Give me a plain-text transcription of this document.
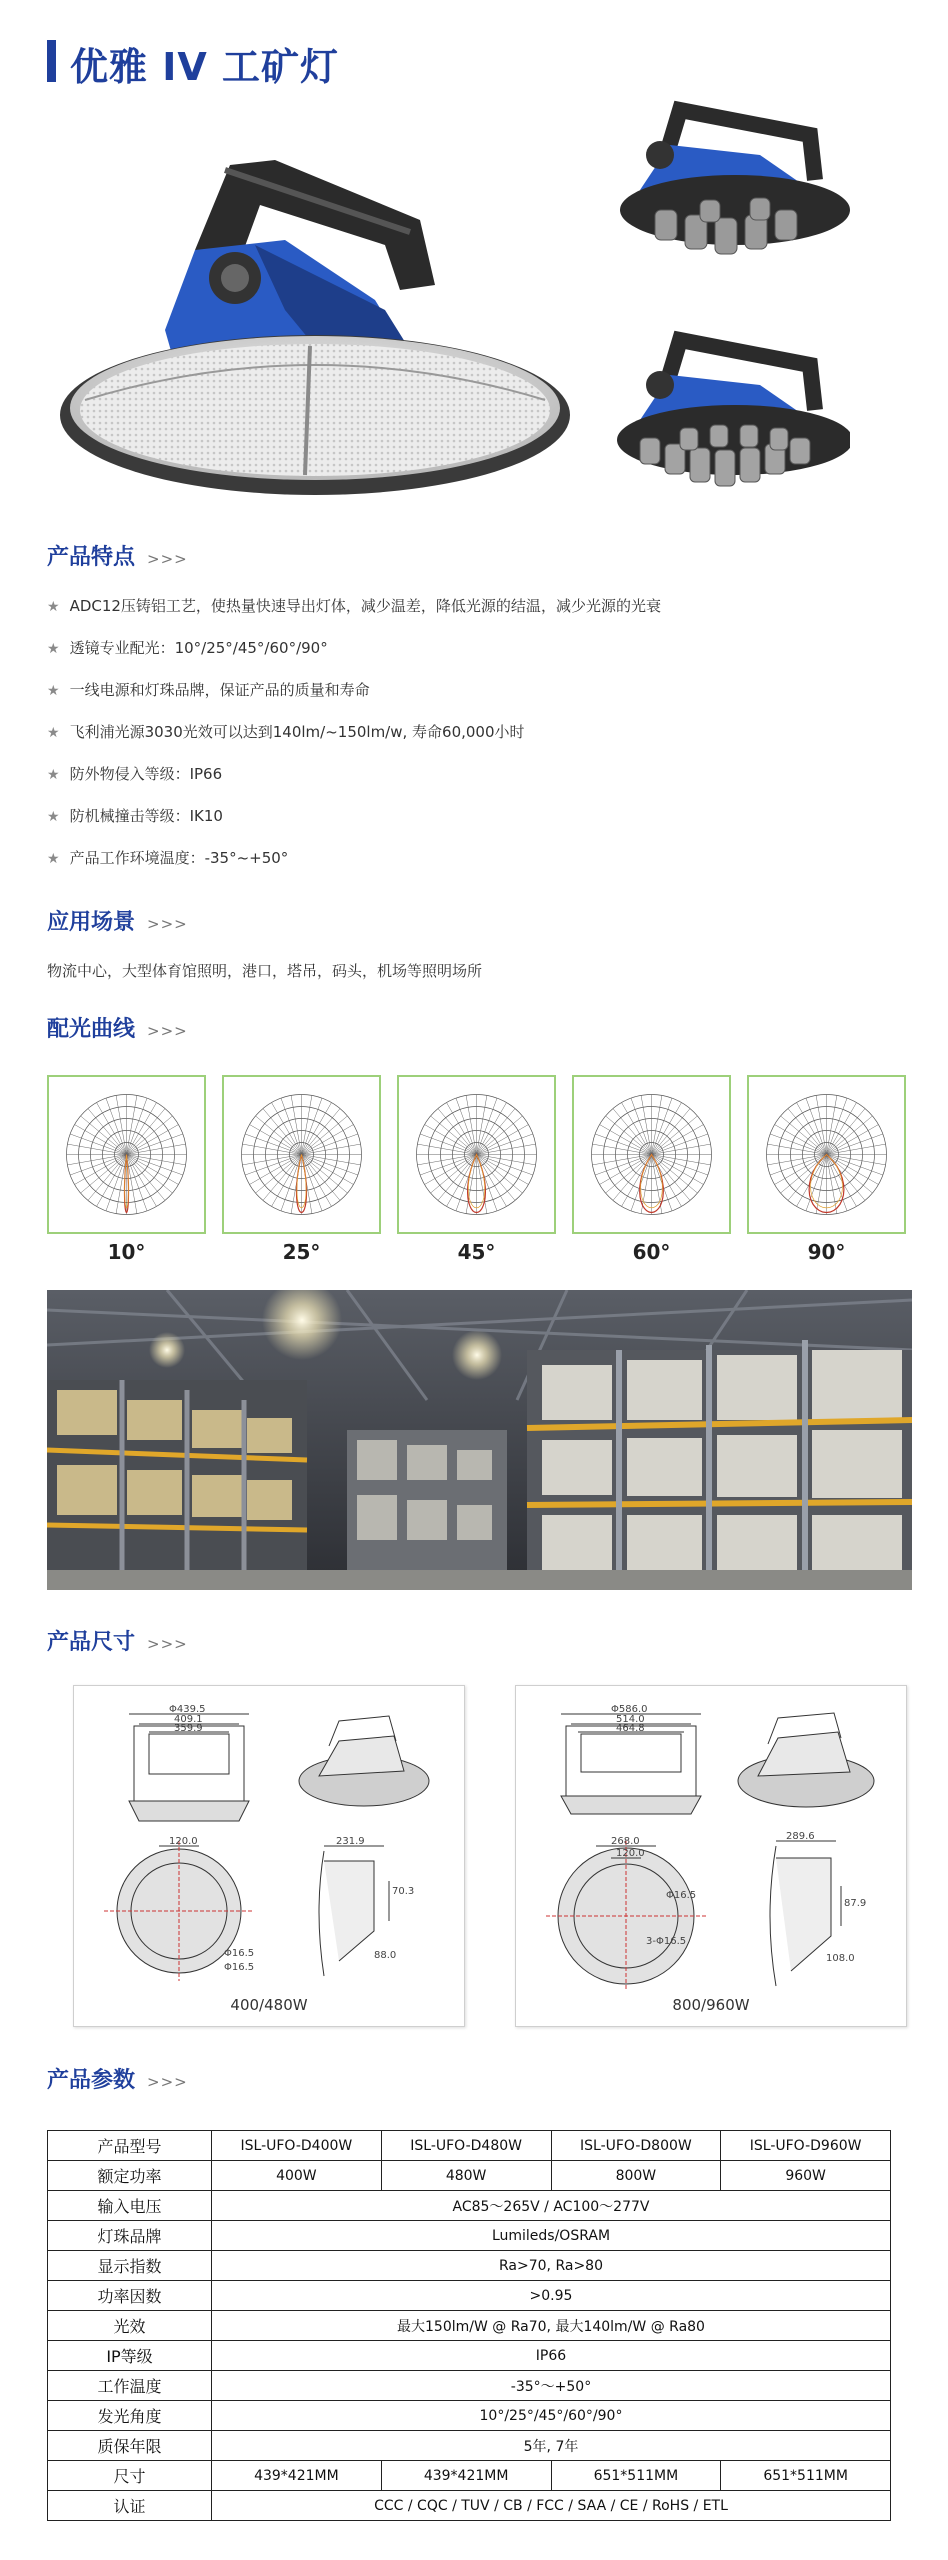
优雅 IV 工矿灯
产品特点 >>>
★ ADC12压铸铝工艺，使热量快速导出灯体，减少温差，降低光源的结温，减少光源的光衰
★ 透镜专业配光：10°/25°/45°/60°/90°
★ 一线电源和灯珠品牌，保证产品的质量和寿命
★ 飞利浦光源3030光效可以达到140lm/~150lm/w, 寿命60,000小时
★ 防外物侵入等级：IP66
★ 防机械撞击等级：IK10
★ 产品工作环境温度：-35°~+50°
应用场景 >>>
物流中心，大型体育馆照明，港口，塔吊，码头，机场等照明场所
配光曲线 >>>
10°	25°	45°	60°	90°
产品尺寸 >>>
Φ439.5
409.1
359.9
120.0
Φ16.5
Φ16.5
231.9
70.3
88.0
400/480W
Φ586.0
514.0
464.8
268.0
120.0
Φ16.5
3-Φ16.5
289.6
87.9
108.0
800/960W
产品参数 >>>
产品型号	ISL-UFO-D400W	ISL-UFO-D480W	ISL-UFO-D800W	ISL-UFO-D960W
额定功率	400W	480W	800W	960W
输入电压	AC85～265V / AC100～277V			
灯珠品牌	Lumileds/OSRAM			
显示指数	Ra>70, Ra>80			
功率因数	>0.95			
光效	最大150lm/W @ Ra70, 最大140lm/W @ Ra80			
IP等级	IP66			
工作温度	-35°～+50°			
发光角度	10°/25°/45°/60°/90°			
质保年限	5年, 7年			
尺寸	439*421MM	439*421MM	651*511MM	651*511MM
认证	CCC / CQC / TUV / CB / FCC / SAA / CE / RoHS / ETL			
